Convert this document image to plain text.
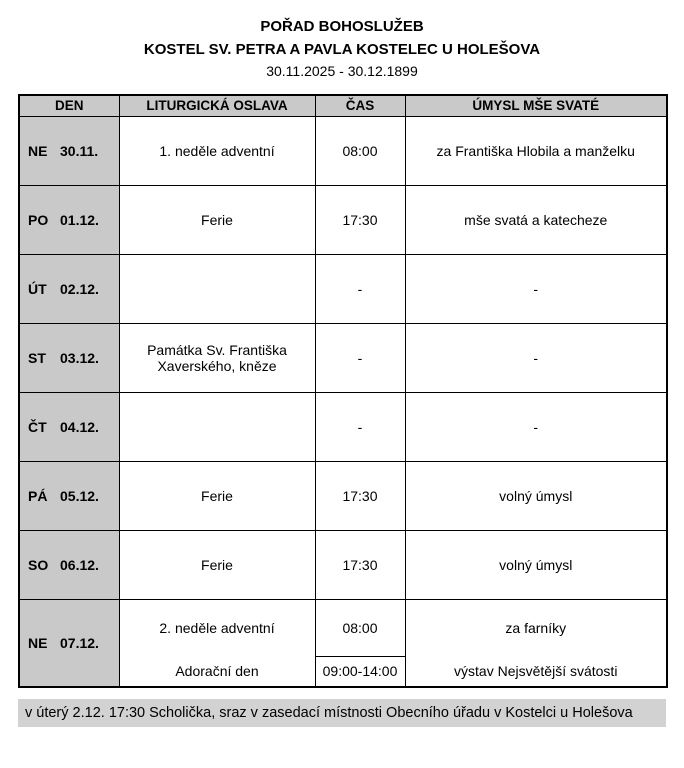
POŘAD BOHOSLUŽEB
KOSTEL SV. PETRA A PAVLA KOSTELEC U HOLEŠOVA
30.11.2025 - 30.12.1899
DEN	LITURGICKÁ OSLAVA	ČAS	ÚMYSL MŠE SVATÉ
NE 30.11.	1. neděle adventní	08:00	za Františka Hlobila a manželku
PO 01.12.	Ferie	17:30	mše svatá a katecheze
ÚT 02.12.		-	-
ST 03.12.	Památka Sv. Františka Xaverského, kněze	-	-
ČT 04.12.		-	-
PÁ 05.12.	Ferie	17:30	volný úmysl
SO 06.12.	Ferie	17:30	volný úmysl
NE 07.12.	2. neděle adventní	08:00	za farníky
	Adorační den	09:00-14:00	výstav Nejsvětější svátosti
v úterý 2.12. 17:30 Scholička, sraz v zasedací místnosti Obecního úřadu v Kostelci u Holešova
